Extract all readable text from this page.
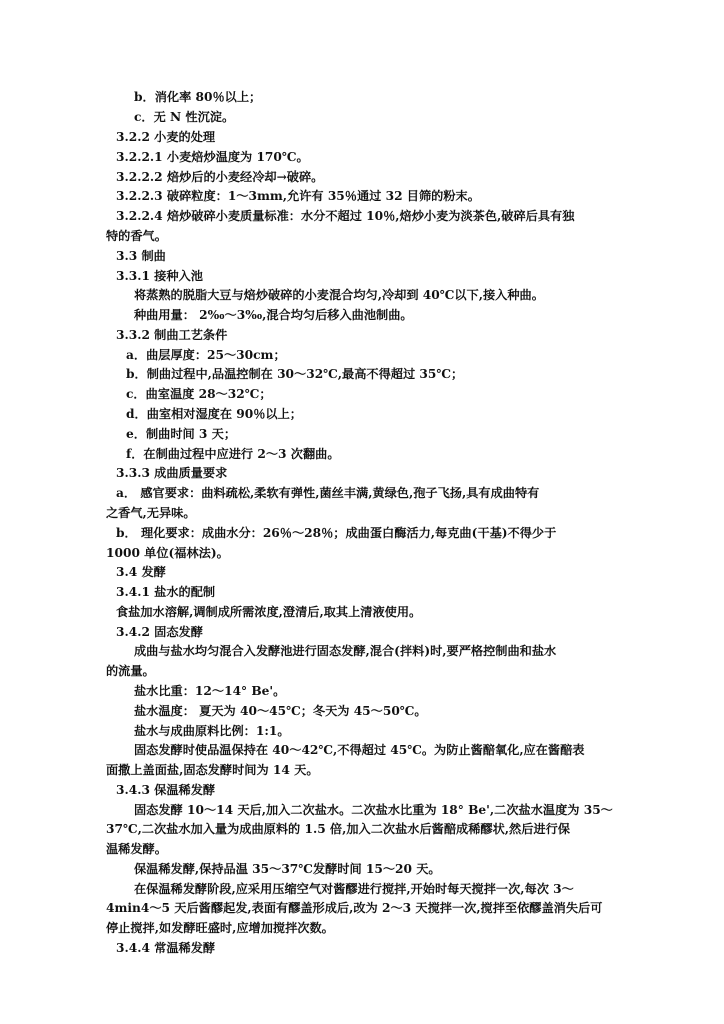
b．消化率 80％以上；
c．无 N 性沉淀。
3.2.2 小麦的处理
3.2.2.1 小麦焙炒温度为 170℃。
3.2.2.2 焙炒后的小麦经冷却→破碎。
3.2.2.3 破碎粒度：1～3mm,允许有 35％通过 32 目筛的粉末。
3.2.2.4 焙炒破碎小麦质量标准：水分不超过 10％,焙炒小麦为淡茶色,破碎后具有独
特的香气。
3.3 制曲
3.3.1 接种入池
将蒸熟的脱脂大豆与焙炒破碎的小麦混合均匀,冷却到 40℃以下,接入种曲。
种曲用量： 2‰～3‰,混合均匀后移入曲池制曲。
3.3.2 制曲工艺条件
a．曲层厚度：25～30cm；
b．制曲过程中,品温控制在 30～32℃,最高不得超过 35℃；
c．曲室温度 28～32℃；
d．曲室相对湿度在 90％以上；
e．制曲时间 3 天；
f．在制曲过程中应进行 2～3 次翻曲。
3.3.3 成曲质量要求
a． 感官要求：曲料疏松,柔软有弹性,菌丝丰满,黄绿色,孢子飞扬,具有成曲特有
之香气,无异味。
b． 理化要求：成曲水分：26％～28％；成曲蛋白酶活力,每克曲(干基)不得少于
1000 单位(福林法)。
3.4 发酵
3.4.1 盐水的配制
食盐加水溶解,调制成所需浓度,澄清后,取其上清液使用。
3.4.2 固态发酵
成曲与盐水均匀混合入发酵池进行固态发酵,混合(拌料)时,要严格控制曲和盐水
的流量。
盐水比重：12～14° Be'。
盐水温度： 夏天为 40～45℃；冬天为 45～50℃。
盐水与成曲原料比例：1:1。
固态发酵时使品温保持在 40～42℃,不得超过 45℃。为防止酱醅氧化,应在酱醅表
面撒上盖面盐,固态发酵时间为 14 天。
3.4.3 保温稀发酵
固态发酵 10～14 天后,加入二次盐水。二次盐水比重为 18° Be',二次盐水温度为 35～
37℃,二次盐水加入量为成曲原料的 1.5 倍,加入二次盐水后酱醅成稀醪状,然后进行保
温稀发酵。
保温稀发酵,保持品温 35～37℃发酵时间 15～20 天。
在保温稀发酵阶段,应采用压缩空气对酱醪进行搅拌,开始时每天搅拌一次,每次 3～
4min4～5 天后酱醪起发,表面有醪盖形成后,改为 2～3 天搅拌一次,搅拌至依醪盖消失后可
停止搅拌,如发酵旺盛时,应增加搅拌次数。
3.4.4 常温稀发酵
